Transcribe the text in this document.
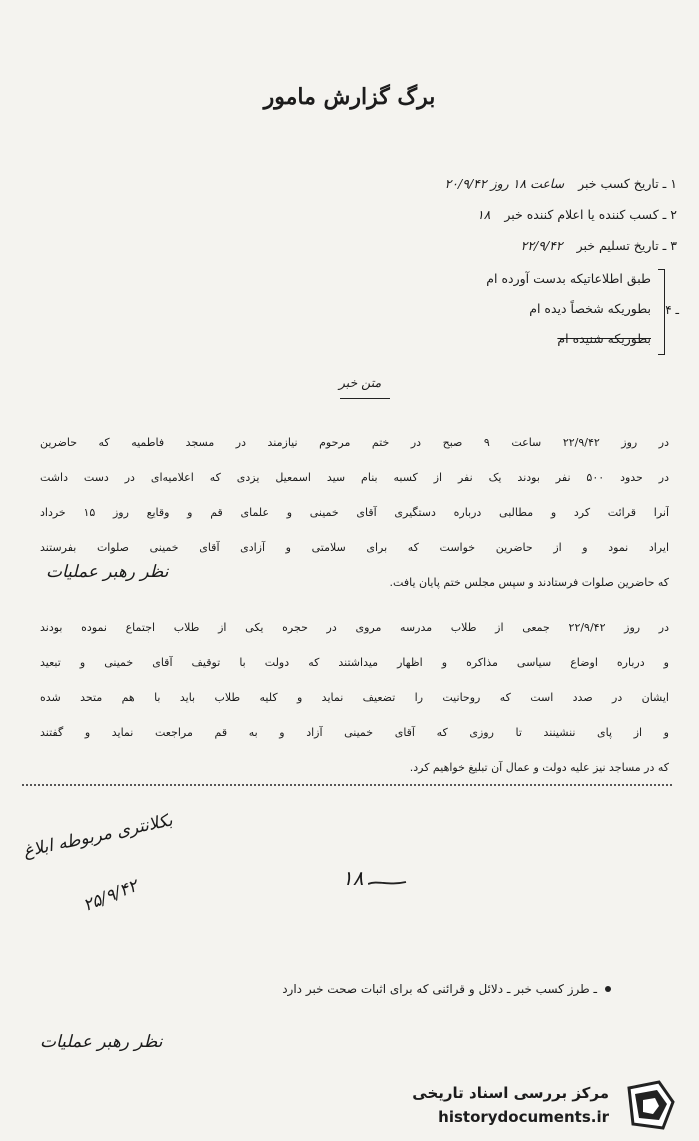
برگ گزارش مامور
۱ ـ تاریخ کسب خبر ساعت ۱۸ روز ۲۰/۹/۴۲
۲ ـ کسب کننده یا اعلام کننده خبر ۱۸
۳ ـ تاریخ تسلیم خبر ۲۲/۹/۴۲
ـ ۴
طبق اطلاعاتیکه بدست آورده ام
بطوریکه شخصاً دیده ام
بطوریکه شنیده ام
متن خبر
در روز ۲۲/۹/۴۲ ساعت ۹ صبح در ختم مرحوم نیازمند در مسجد فاطمیه که حاضرین
در حدود ۵۰۰ نفر بودند یک نفر از کسبه بنام سید اسمعیل یزدی که اعلامیه‌ای در دست داشت
آنرا قرائت کرد و مطالبی درباره دستگیری آقای خمینی و علمای قم و وقایع روز ۱۵ خرداد
ایراد نمود و از حاضرین خواست که برای سلامتی و آزادی آقای خمینی صلوات بفرستند
که حاضرین صلوات فرستادند و سپس مجلس ختم پایان یافت.
در روز ۲۲/۹/۴۲ جمعی از طلاب مدرسه مروی در حجره یکی از طلاب اجتماع نموده بودند
و درباره اوضاع سیاسی مذاکره و اظهار میداشتند که دولت با توقیف آقای خمینی و تبعید
ایشان در صدد است که روحانیت را تضعیف نماید و کلیه طلاب باید با هم متحد شده
و از پای ننشینند تا روزی که آقای خمینی آزاد و به قم مراجعت نماید و گفتند
که در مساجد نیز علیه دولت و عمال آن تبلیغ خواهیم کرد.
نظر رهبر عملیات
بکلانتری مربوطه ابلاغ
۲۵/۹/۴۲	۱۸
ـ طرز کسب خبر ـ دلائل و قرائنی که برای اثبات صحت خبر دارد
نظر رهبر عملیات
مرکز بررسی اسناد تاریخی
historydocuments.ir
